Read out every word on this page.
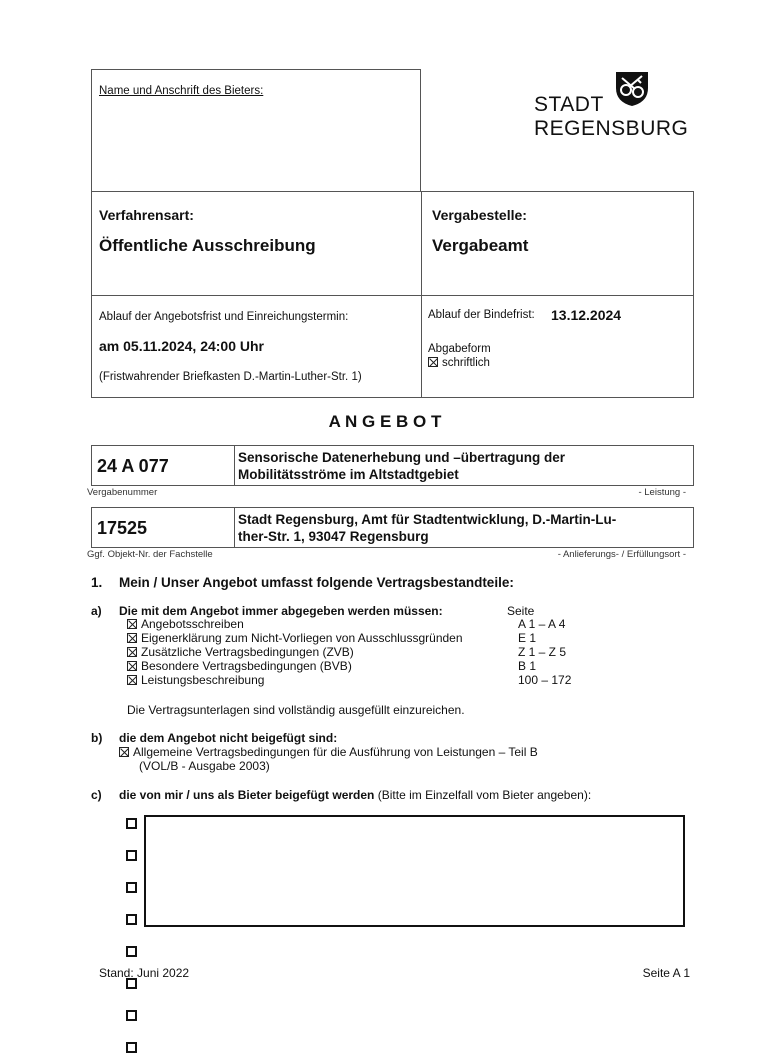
Name und Anschrift des Bieters:
STADT
REGENSBURG
Verfahrensart:
Öffentliche Ausschreibung
Vergabestelle:
Vergabeamt
Ablauf der Angebotsfrist und Einreichungstermin:
am 05.11.2024, 24:00 Uhr
(Fristwahrender Briefkasten D.-Martin-Luther-Str. 1)
Ablauf der Bindefrist: 13.12.2024
Abgabeform
schriftlich
A N G E B O T
24 A 077	Sensorische Datenerhebung und –übertragung der
Mobilitätsströme im Altstadtgebiet
Vergabenummer	- Leistung -
17525	Stadt Regensburg, Amt für Stadtentwicklung, D.-Martin-Lu-
ther-Str. 1, 93047 Regensburg
Ggf. Objekt-Nr. der Fachstelle	- Anlieferungs- / Erfüllungsort -
1. Mein / Unser Angebot umfasst folgende Vertragsbestandteile:
a) Die mit dem Angebot immer abgegeben werden müssen:	Seite
Angebotsschreiben	A 1 – A 4
Eigenerklärung zum Nicht-Vorliegen von Ausschlussgründen	E 1
Zusätzliche Vertragsbedingungen (ZVB)	Z 1 – Z 5
Besondere Vertragsbedingungen (BVB)	B 1
Leistungsbeschreibung	100 – 172
Die Vertragsunterlagen sind vollständig ausgefüllt einzureichen.
b) die dem Angebot nicht beigefügt sind:
Allgemeine Vertragsbedingungen für die Ausführung von Leistungen – Teil B
(VOL/B - Ausgabe 2003)
c) die von mir / uns als Bieter beigefügt werden (Bitte im Einzelfall vom Bieter angeben):

Stand: Juni 2022	Seite A 1
